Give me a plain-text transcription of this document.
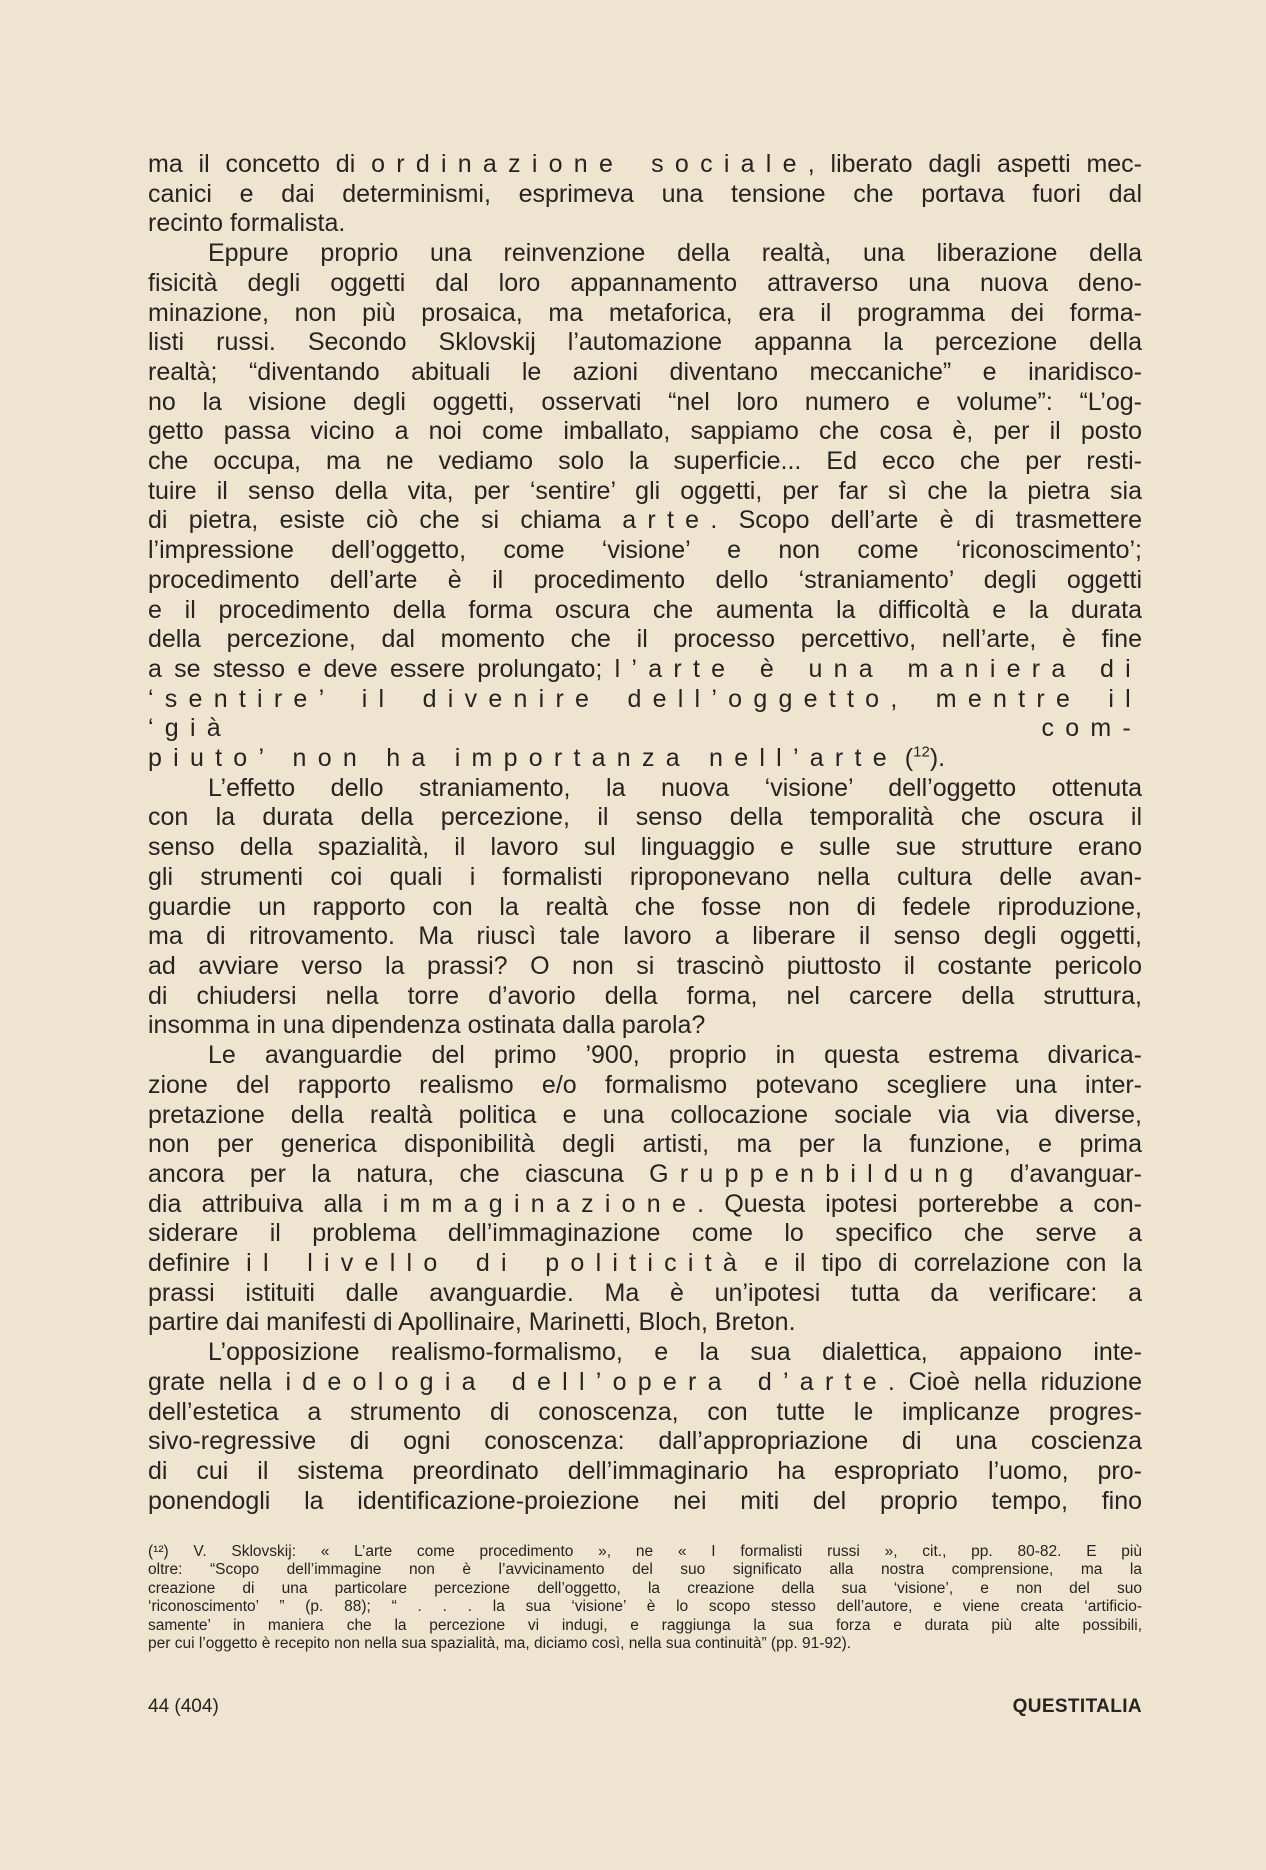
ma il concetto di ordinazione sociale, liberato dagli aspetti mec-

canici e dai determinismi, esprimeva una tensione che portava fuori dal

recinto formalista.

Eppure proprio una reinvenzione della realtà, una liberazione della

fisicità degli oggetti dal loro appannamento attraverso una nuova deno-

minazione, non più prosaica, ma metaforica, era il programma dei forma-

listi russi. Secondo Sklovskij l’automazione appanna la percezione della

realtà; “diventando abituali le azioni diventano meccaniche” e inaridisco-

no la visione degli oggetti, osservati “nel loro numero e volume”: “L’og-

getto passa vicino a noi come imballato, sappiamo che cosa è, per il posto

che occupa, ma ne vediamo solo la superficie... Ed ecco che per resti-

tuire il senso della vita, per ‘sentire’ gli oggetti, per far sì che la pietra sia

di pietra, esiste ciò che si chiama arte. Scopo dell’arte è di trasmettere

l’impressione dell’oggetto, come ‘visione’ e non come ‘riconoscimento’;

procedimento dell’arte è il procedimento dello ‘straniamento’ degli oggetti

e il procedimento della forma oscura che aumenta la difficoltà e la durata

della percezione, dal momento che il processo percettivo, nell’arte, è fine

a se stesso e deve essere prolungato; l’arte è una maniera di

‘sentire’ il divenire dell’oggetto, mentre il ‘già com-

piuto’ non ha importanza nell’arte ($^{12}$).

L’effetto dello straniamento, la nuova ‘visione’ dell’oggetto ottenuta

con la durata della percezione, il senso della temporalità che oscura il

senso della spazialità, il lavoro sul linguaggio e sulle sue strutture erano

gli strumenti coi quali i formalisti riproponevano nella cultura delle avan-

guardie un rapporto con la realtà che fosse non di fedele riproduzione,

ma di ritrovamento. Ma riuscì tale lavoro a liberare il senso degli oggetti,

ad avviare verso la prassi? O non si trascinò piuttosto il costante pericolo

di chiudersi nella torre d’avorio della forma, nel carcere della struttura,

insomma in una dipendenza ostinata dalla parola?

Le avanguardie del primo ’900, proprio in questa estrema divarica-

zione del rapporto realismo e/o formalismo potevano scegliere una inter-

pretazione della realtà politica e una collocazione sociale via via diverse,

non per generica disponibilità degli artisti, ma per la funzione, e prima

ancora per la natura, che ciascuna Gruppenbildung d’avanguar-

dia attribuiva alla immaginazione. Questa ipotesi porterebbe a con-

siderare il problema dell’immaginazione come lo specifico che serve a

definire il livello di politicità e il tipo di correlazione con la

prassi istituiti dalle avanguardie. Ma è un’ipotesi tutta da verificare: a

partire dai manifesti di Apollinaire, Marinetti, Bloch, Breton.

L’opposizione realismo-formalismo, e la sua dialettica, appaiono inte-

grate nella ideologia dell’opera d’arte. Cioè nella riduzione

dell’estetica a strumento di conoscenza, con tutte le implicanze progres-

sivo-regressive di ogni conoscenza: dall’appropriazione di una coscienza

di cui il sistema preordinato dell’immaginario ha espropriato l’uomo, pro-

ponendogli la identificazione-proiezione nei miti del proprio tempo, fino

(¹²) V. Sklovskij: « L’arte come procedimento », ne « I formalisti russi », cit., pp. 80-82. E più

oltre: “Scopo dell’immagine non è l’avvicinamento del suo significato alla nostra comprensione, ma la

creazione di una particolare percezione dell’oggetto, la creazione della sua ‘visione’, e non del suo

‘riconoscimento’ ” (p. 88); “ . . . la sua ‘visione’ è lo scopo stesso dell’autore, e viene creata ‘artificio-

samente’ in maniera che la percezione vi indugi, e raggiunga la sua forza e durata più alte possibili,

per cui l’oggetto è recepito non nella sua spazialità, ma, diciamo così, nella sua continuità” (pp. 91-92).

44 (404)	QUESTITALIA
